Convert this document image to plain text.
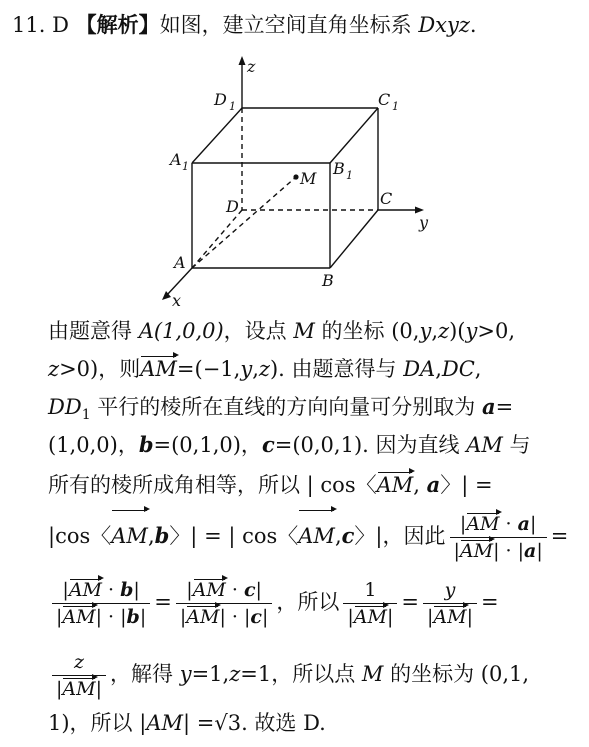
11. D 【解析】如图，建立空间直角坐标系 Dxyz.
z
D 1	C 1
A 1	B 1
M
D	C
y
A
B
x
由题意得 A(1,0,0)，设点 M 的坐标 (0,y,z)(y>0,
z>0)，则AM=(−1,y,z). 由题意得与 DA,DC,
$DD_1$ 平行的棱所在直线的方向向量可分别取为 a=
(1,0,0)，b=(0,1,0)，c=(0,0,1). 因为直线 AM 与
所有的棱所成角相等，所以 | cos〈AM, a〉| =
|cos〈AM,b〉| = | cos〈AM,c〉|，因此 $\frac{|AM \cdot a|}{|AM| \cdot |a|}$ =
$\frac{|AM \cdot b|}{|AM| \cdot |b|} = \frac{|AM \cdot c|}{|AM| \cdot |c|}$ ，所以 $\frac{1}{|AM|} = \frac{y}{|AM|}$ =
$\frac{z}{|AM|}$ ，解得 y=1,z=1，所以点 M 的坐标为 (0,1,
1)，所以 |AM| =√3. 故选 D.
